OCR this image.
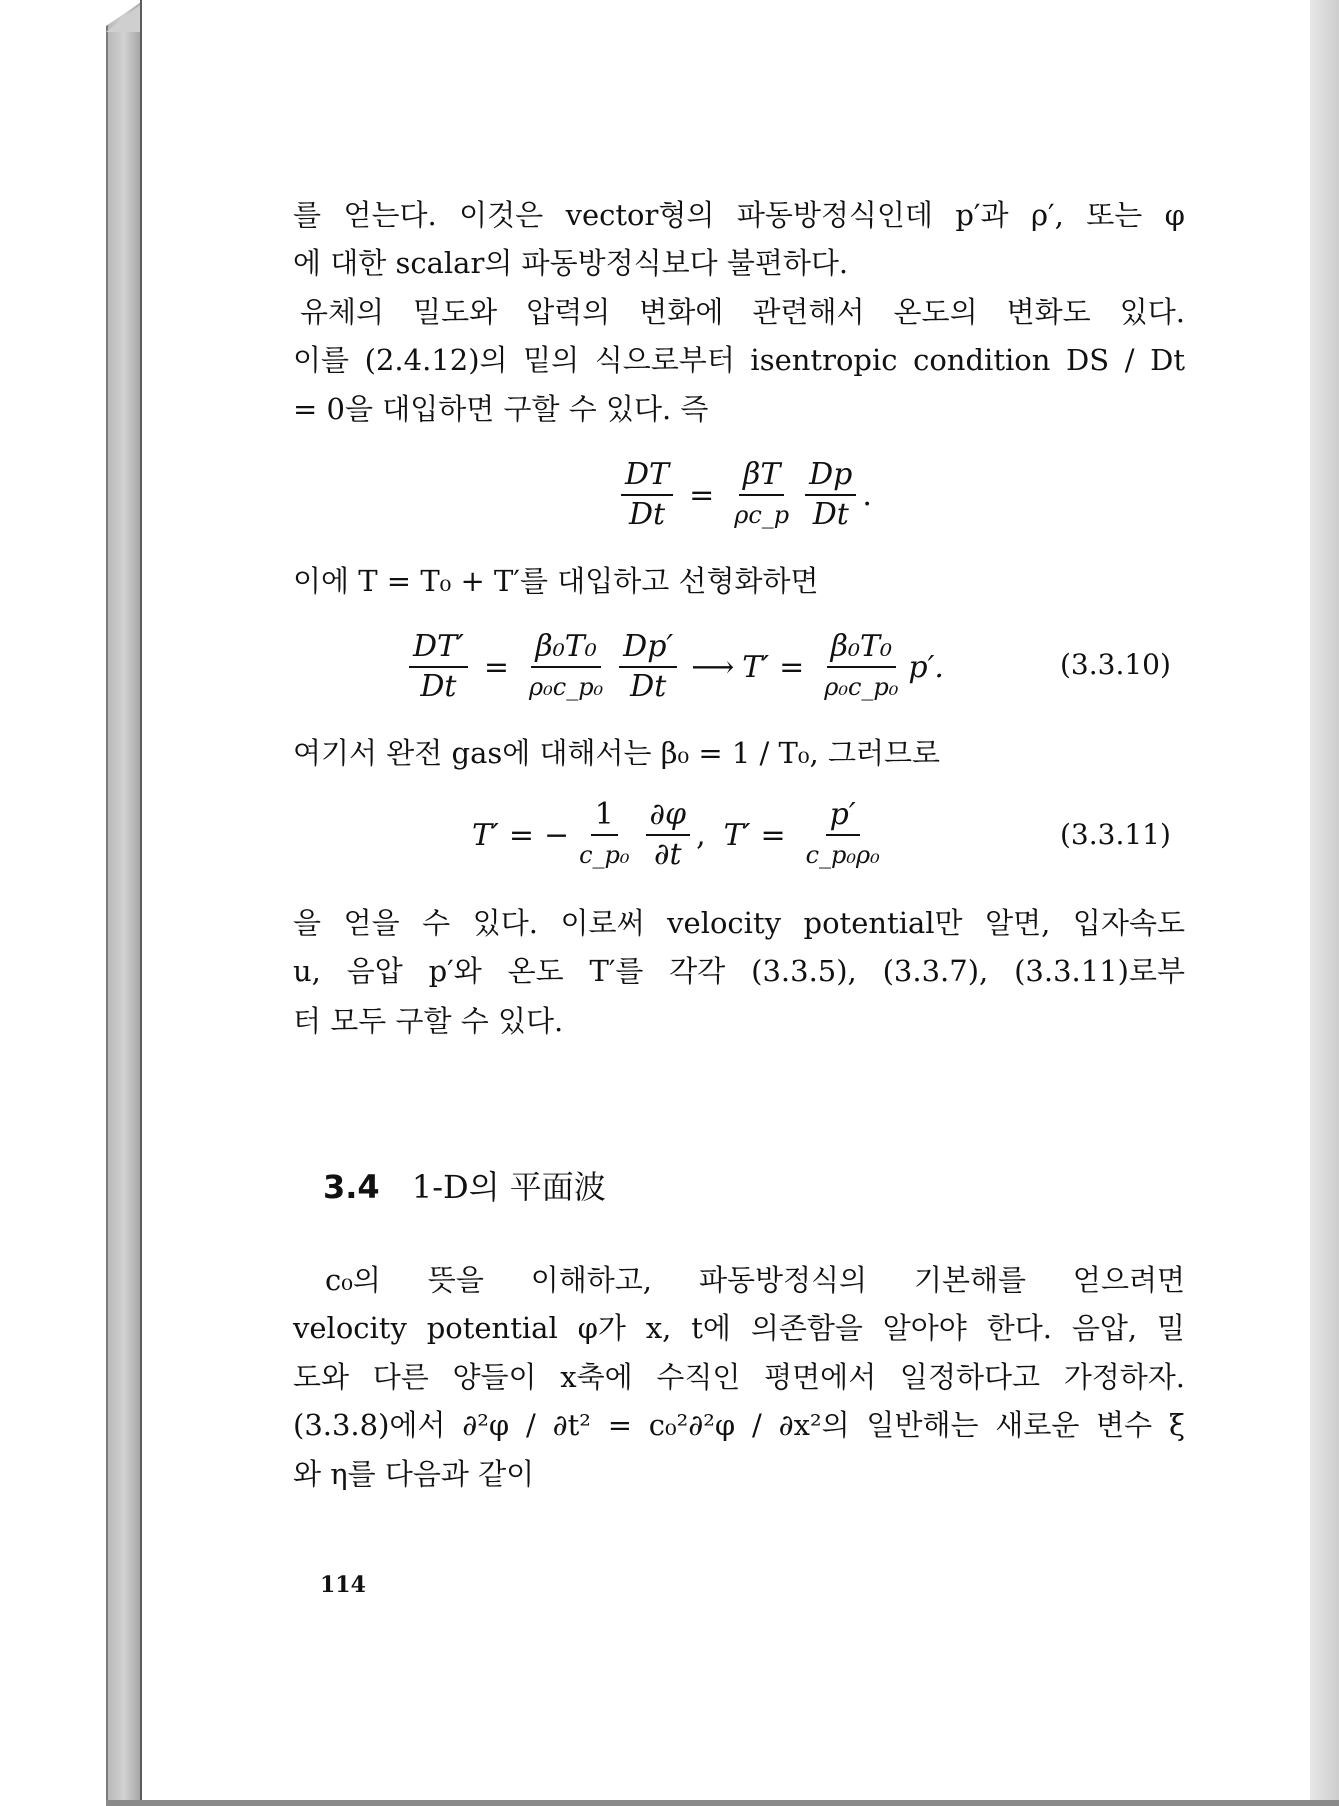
를 얻는다. 이것은 vector형의 파동방정식인데 p′과 ρ′, 또는 φ

에 대한 scalar의 파동방정식보다 불편하다.

유체의 밀도와 압력의 변화에 관련해서 온도의 변화도 있다.

이를 (2.4.12)의 밑의 식으로부터 isentropic condition DS / Dt

= 0을 대입하면 구할 수 있다. 즉

$\frac{DT}{Dt} = \frac{\beta T}{\rho c\_p} \frac{Dp}{Dt}$ .

이에 T = T₀ + T′를 대입하고 선형화하면

$\frac{DT'}{Dt} = \frac{\text{β₀T₀}}{\text{ρ₀c\_p₀}} \frac{Dp'}{Dt}$ ⟶ $T' = \frac{\text{β₀T₀}}{\text{ρ₀c\_p₀}} p'$.	(3.3.10)

여기서 완전 gas에 대해서는 β₀ = 1 / T₀, 그러므로

T′ = − $\frac{1}{\text{c\_p₀}} \frac{\partial\varphi}{\partial t}$ , $T' = \frac{p'}{\text{c\_p₀ρ₀}}$	(3.3.11)

을 얻을 수 있다. 이로써 velocity potential만 알면, 입자속도

u, 음압 p′와 온도 T′를 각각 (3.3.5), (3.3.7), (3.3.11)로부

터 모두 구할 수 있다.

3.4 1-D의 平面波

c₀의 뜻을 이해하고, 파동방정식의 기본해를 얻으려면

velocity potential φ가 x, t에 의존함을 알아야 한다. 음압, 밀

도와 다른 양들이 x축에 수직인 평면에서 일정하다고 가정하자.

(3.3.8)에서 ∂²φ / ∂t² = c₀²∂²φ / ∂x²의 일반해는 새로운 변수 ξ

와 η를 다음과 같이

114
